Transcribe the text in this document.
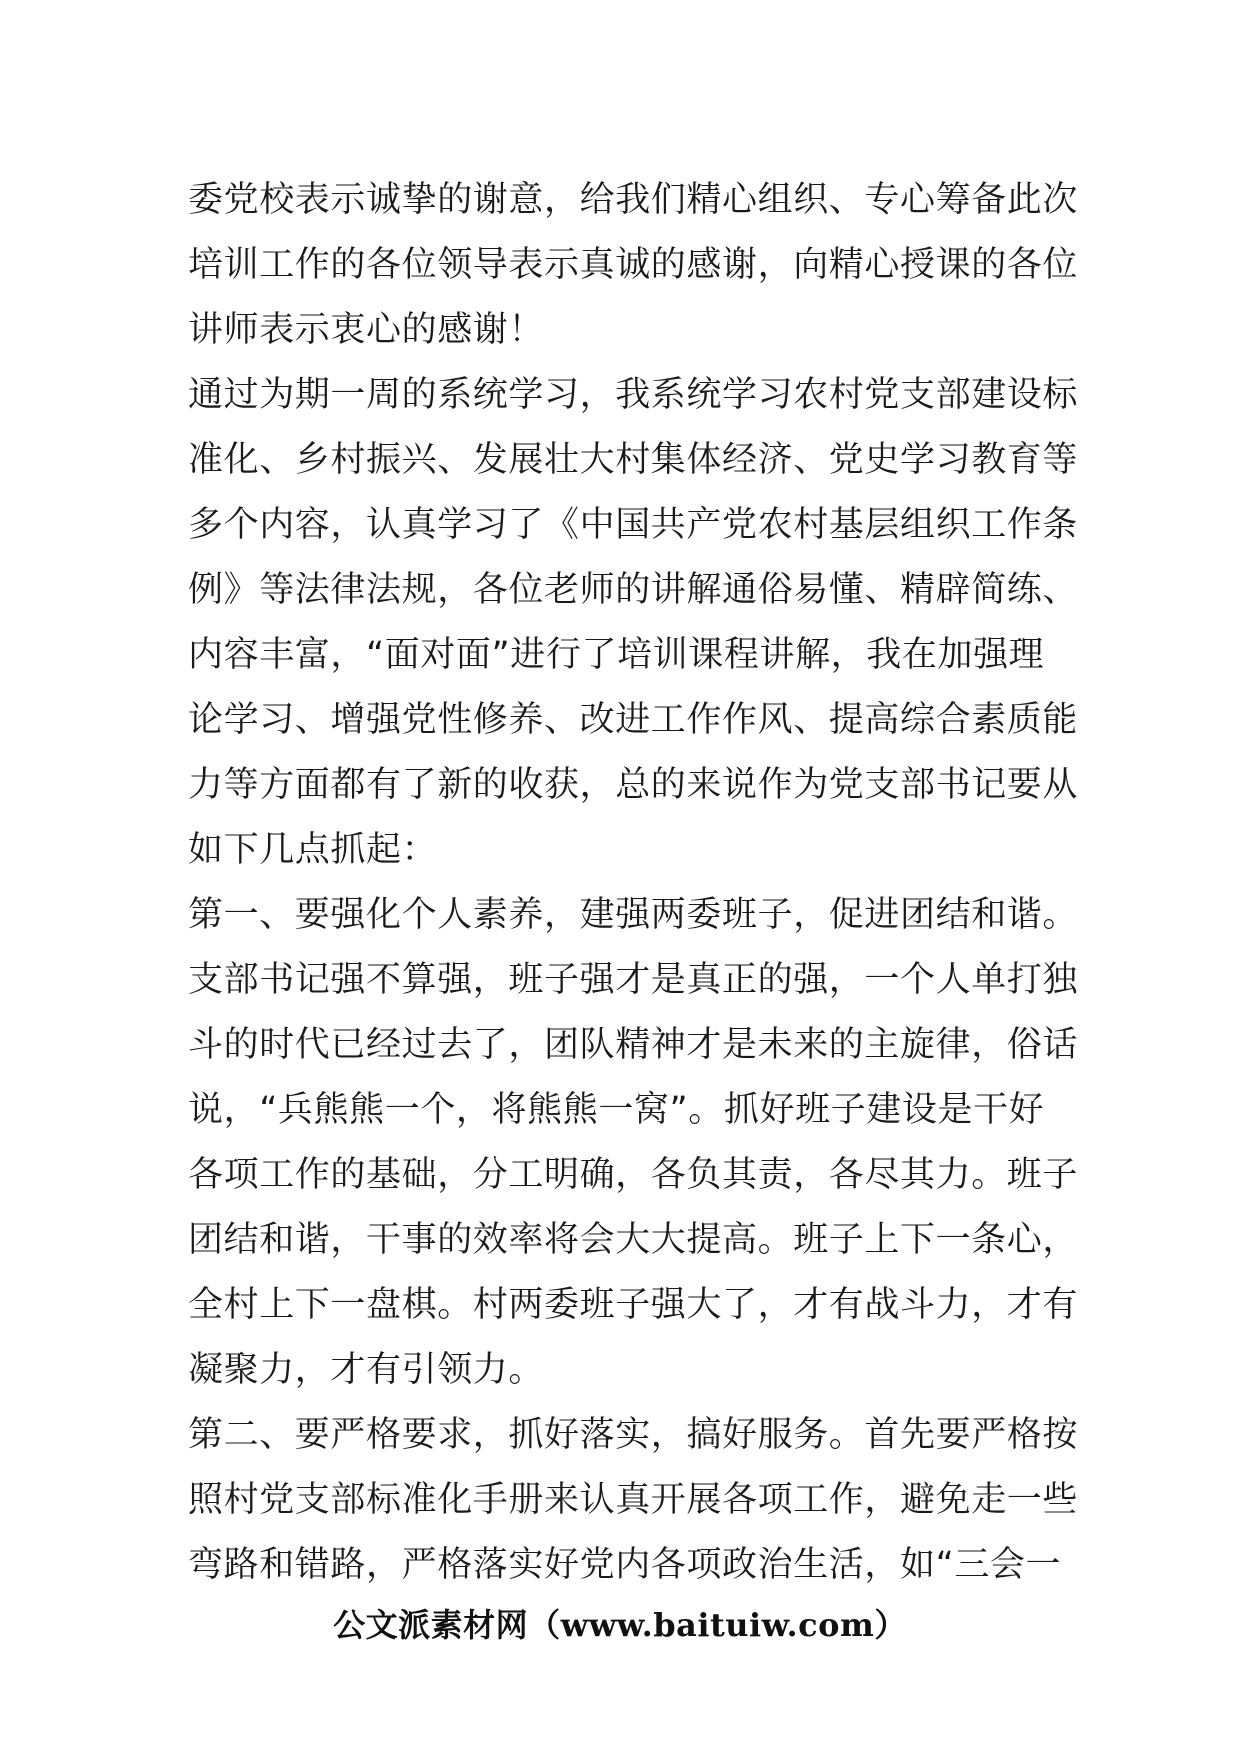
委党校表示诚挚的谢意，给我们精心组织、专心筹备此次
培训工作的各位领导表示真诚的感谢，向精心授课的各位
讲师表示衷心的感谢！
通过为期一周的系统学习，我系统学习农村党支部建设标
准化、乡村振兴、发展壮大村集体经济、党史学习教育等
多个内容，认真学习了《中国共产党农村基层组织工作条
例》等法律法规，各位老师的讲解通俗易懂、精辟简练、
内容丰富，“面对面”进行了培训课程讲解，我在加强理
论学习、增强党性修养、改进工作作风、提高综合素质能
力等方面都有了新的收获，总的来说作为党支部书记要从
如下几点抓起：
第一、要强化个人素养，建强两委班子，促进团结和谐。
支部书记强不算强，班子强才是真正的强，一个人单打独
斗的时代已经过去了，团队精神才是未来的主旋律，俗话
说，“兵熊熊一个，将熊熊一窝”。抓好班子建设是干好
各项工作的基础，分工明确，各负其责，各尽其力。班子
团结和谐，干事的效率将会大大提高。班子上下一条心，
全村上下一盘棋。村两委班子强大了，才有战斗力，才有
凝聚力，才有引领力。
第二、要严格要求，抓好落实，搞好服务。首先要严格按
照村党支部标准化手册来认真开展各项工作，避免走一些
弯路和错路，严格落实好党内各项政治生活，如“三会一
公文派素材网（www.baituiw.com）
